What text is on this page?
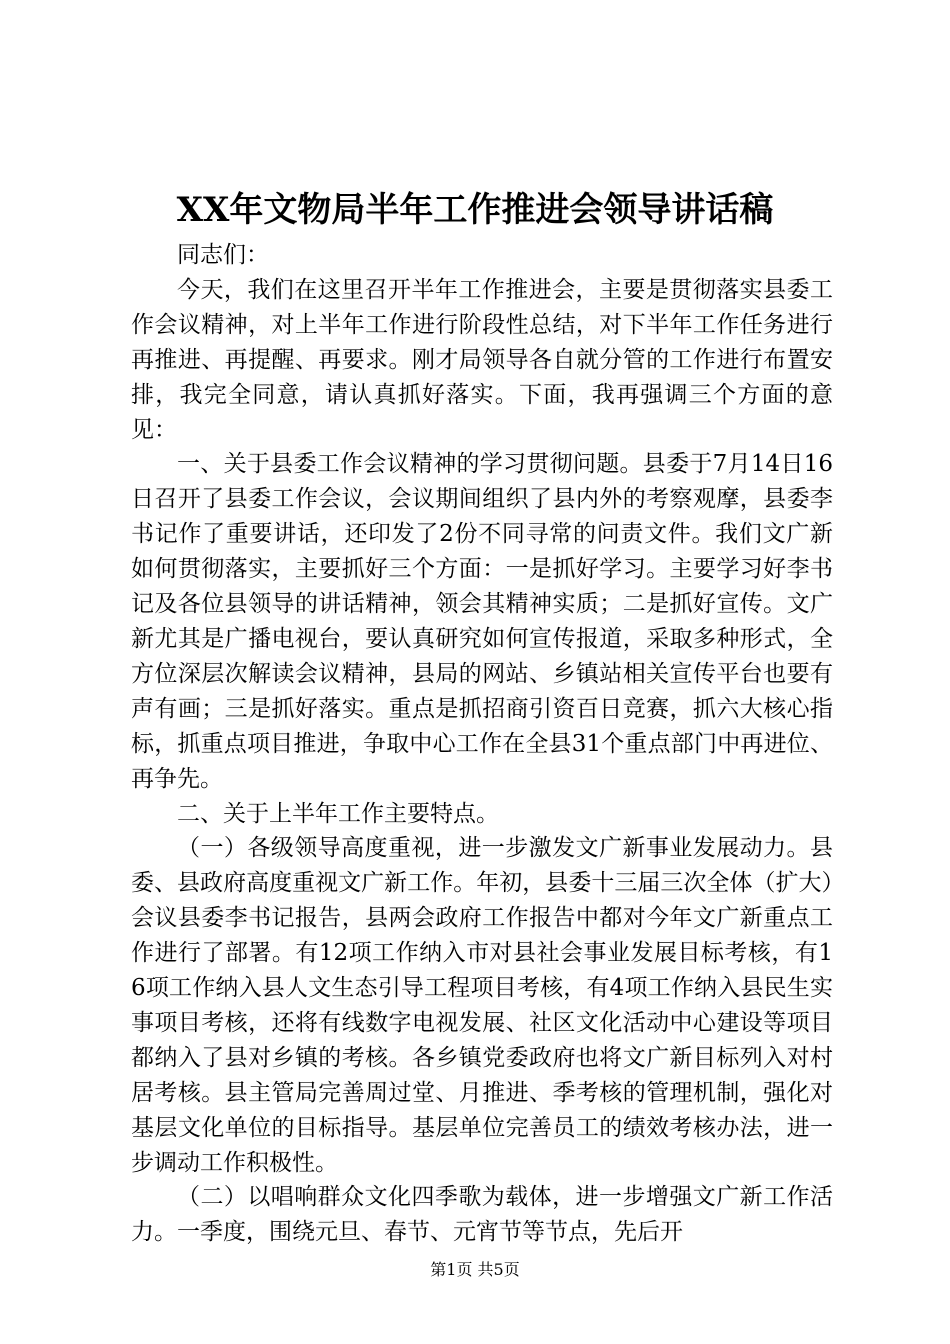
XX年文物局半年工作推进会领导讲话稿

同志们：

今天，我们在这里召开半年工作推进会，主要是贯彻落实县委工作会议精神，对上半年工作进行阶段性总结，对下半年工作任务进行再推进、再提醒、再要求。刚才局领导各自就分管的工作进行布置安排，我完全同意，请认真抓好落实。下面，我再强调三个方面的意见：

一、关于县委工作会议精神的学习贯彻问题。县委于7月14日16日召开了县委工作会议，会议期间组织了县内外的考察观摩，县委李书记作了重要讲话，还印发了2份不同寻常的问责文件。我们文广新如何贯彻落实，主要抓好三个方面：一是抓好学习。主要学习好李书记及各位县领导的讲话精神，领会其精神实质；二是抓好宣传。文广新尤其是广播电视台，要认真研究如何宣传报道，采取多种形式，全方位深层次解读会议精神，县局的网站、乡镇站相关宣传平台也要有声有画；三是抓好落实。重点是抓招商引资百日竞赛，抓六大核心指标，抓重点项目推进，争取中心工作在全县31个重点部门中再进位、再争先。

二、关于上半年工作主要特点。

（一）各级领导高度重视，进一步激发文广新事业发展动力。县委、县政府高度重视文广新工作。年初，县委十三届三次全体（扩大）会议县委李书记报告，县两会政府工作报告中都对今年文广新重点工作进行了部署。有12项工作纳入市对县社会事业发展目标考核，有16项工作纳入县人文生态引导工程项目考核，有4项工作纳入县民生实事项目考核，还将有线数字电视发展、社区文化活动中心建设等项目都纳入了县对乡镇的考核。各乡镇党委政府也将文广新目标列入对村居考核。县主管局完善周过堂、月推进、季考核的管理机制，强化对基层文化单位的目标指导。基层单位完善员工的绩效考核办法，进一步调动工作积极性。

（二）以唱响群众文化四季歌为载体，进一步增强文广新工作活力。一季度，围绕元旦、春节、元宵节等节点，先后开

第1页 共5页
